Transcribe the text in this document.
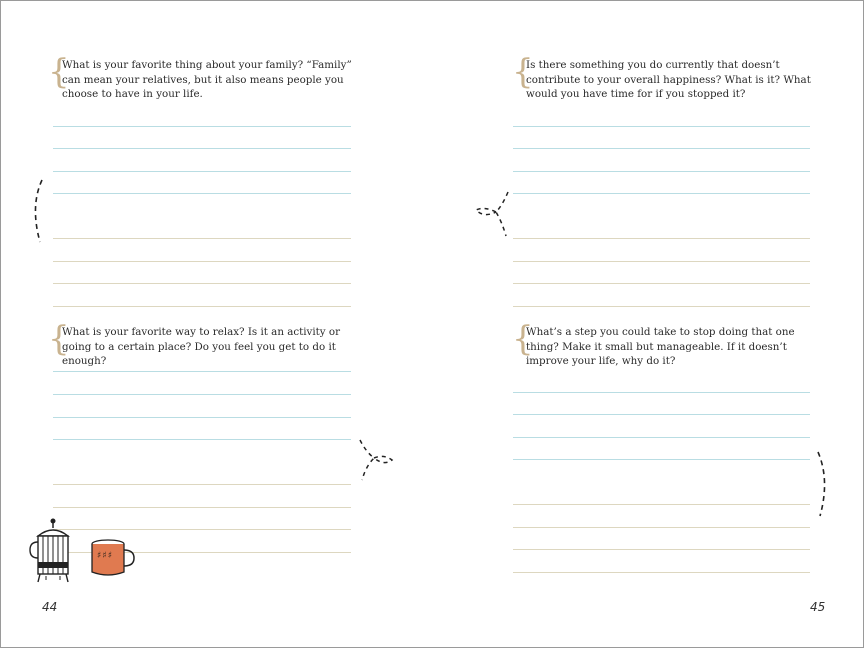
{
What is your favorite thing about your family? “Family” can mean your relatives, but it also means people you choose to have in your life.
{
What is your favorite way to relax? Is it an activity or going to a certain place? Do you feel you get to do it enough?
♯♯♯
44
{
Is there something you do currently that doesn’t contribute to your overall happiness? What is it? What would you have time for if you stopped it?
{
What’s a step you could take to stop doing that one thing? Make it small but manageable. If it doesn’t improve your life, why do it?
45
